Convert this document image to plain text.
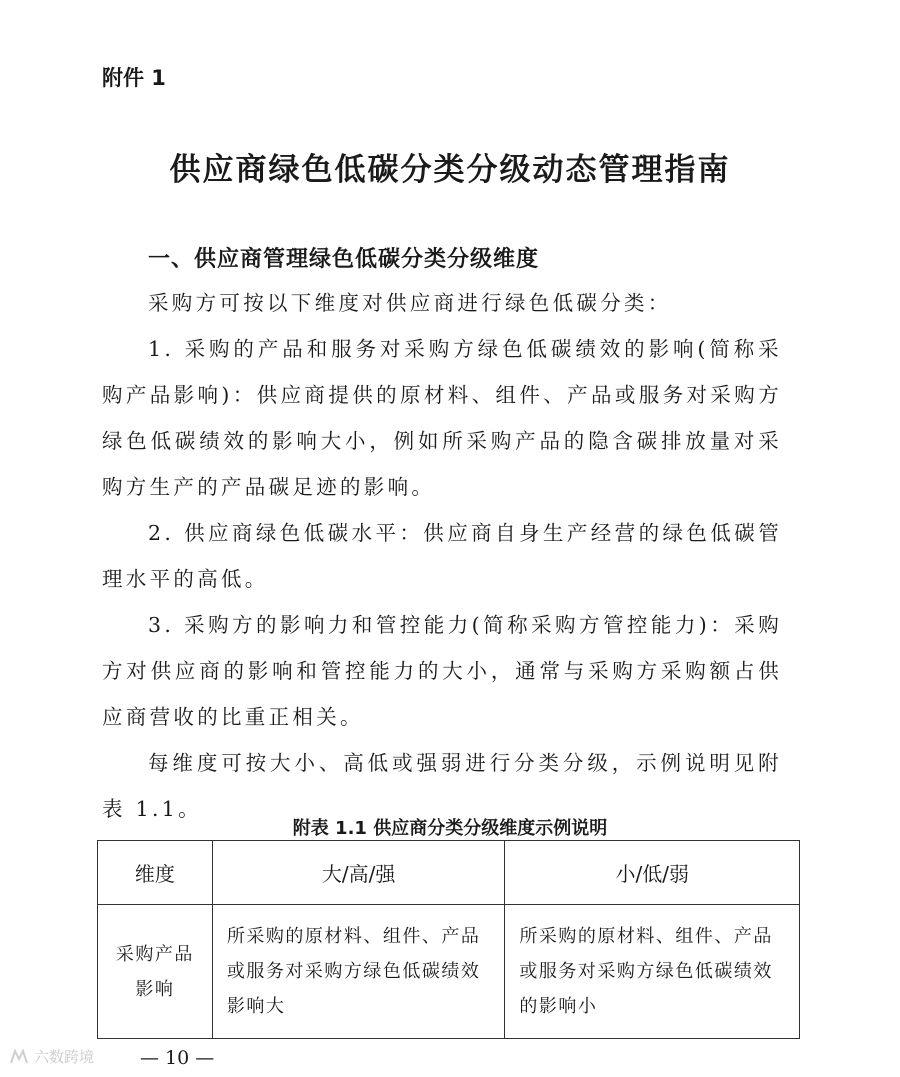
附件 1
供应商绿色低碳分类分级动态管理指南
一、供应商管理绿色低碳分类分级维度

采购方可按以下维度对供应商进行绿色低碳分类：

1. 采购的产品和服务对采购方绿色低碳绩效的影响(简称采购产品影响)：供应商提供的原材料、组件、产品或服务对采购方绿色低碳绩效的影响大小，例如所采购产品的隐含碳排放量对采购方生产的产品碳足迹的影响。

2. 供应商绿色低碳水平：供应商自身生产经营的绿色低碳管理水平的高低。

3. 采购方的影响力和管控能力(简称采购方管控能力)：采购方对供应商的影响和管控能力的大小，通常与采购方采购额占供应商营收的比重正相关。

每维度可按大小、高低或强弱进行分类分级，示例说明见附表 1.1。

附表 1.1 供应商分类分级维度示例说明
维度	大/高/强	小/低/弱
采购产品影响	所采购的原材料、组件、产品或服务对采购方绿色低碳绩效影响大	所采购的原材料、组件、产品或服务对采购方绿色低碳绩效的影响小
六数跨境 — 10 —
